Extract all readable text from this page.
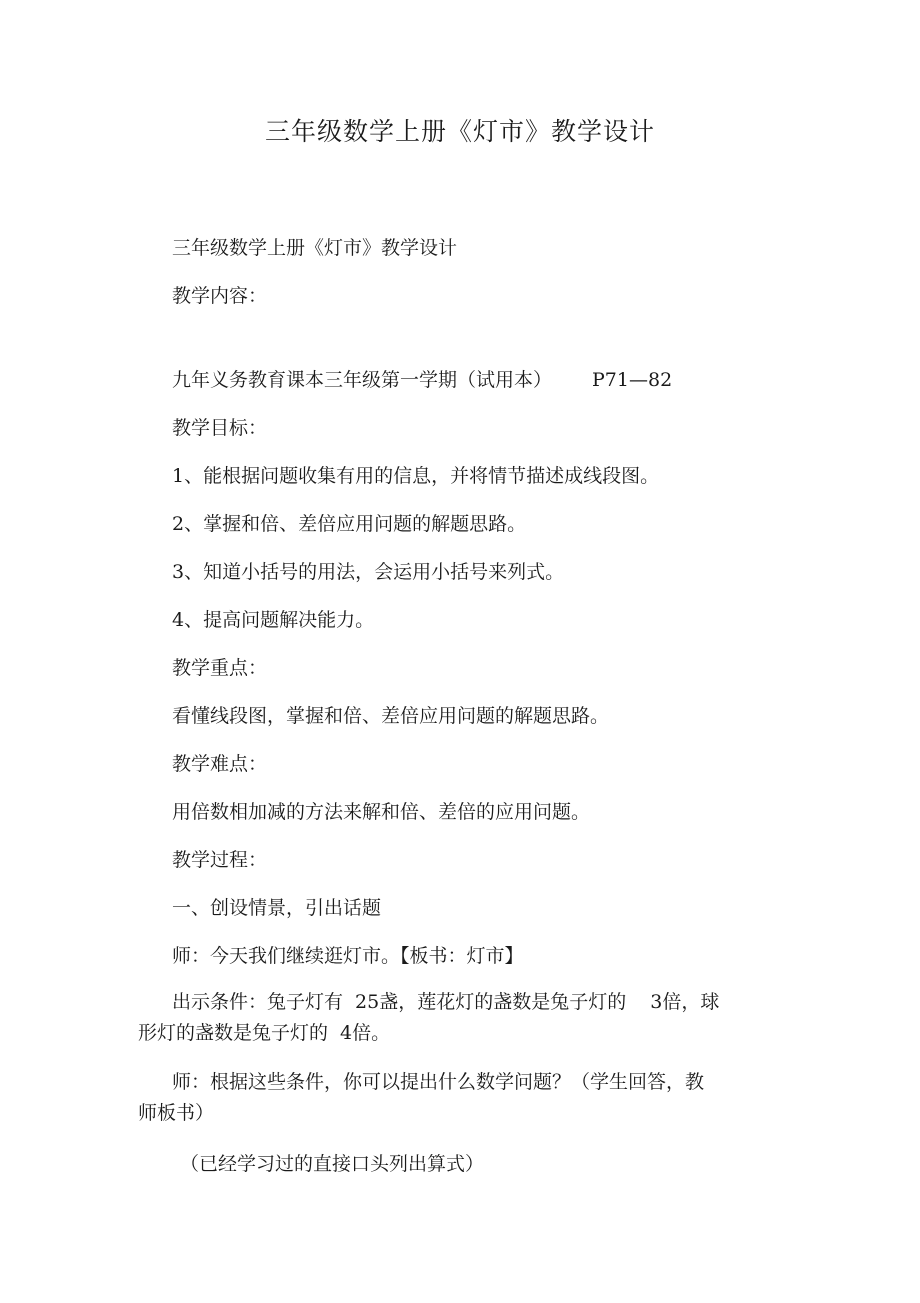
三年级数学上册《灯市》教学设计

三年级数学上册《灯市》教学设计

教学内容：

九年义务教育课本三年级第一学期（试用本） P71—82

教学目标：

1、能根据问题收集有用的信息，并将情节描述成线段图。

2、掌握和倍、差倍应用问题的解题思路。

3、知道小括号的用法，会运用小括号来列式。

4、提高问题解决能力。

教学重点：

看懂线段图，掌握和倍、差倍应用问题的解题思路。

教学难点：

用倍数相加减的方法来解和倍、差倍的应用问题。

教学过程：

一、创设情景，引出话题

师：今天我们继续逛灯市。【板书：灯市】

出示条件：兔子灯有 25盏，莲花灯的盏数是兔子灯的 3倍，球
形灯的盏数是兔子灯的 4倍。
师：根据这些条件，你可以提出什么数学问题？（学生回答，教
师板书）

（已经学习过的直接口头列出算式）
